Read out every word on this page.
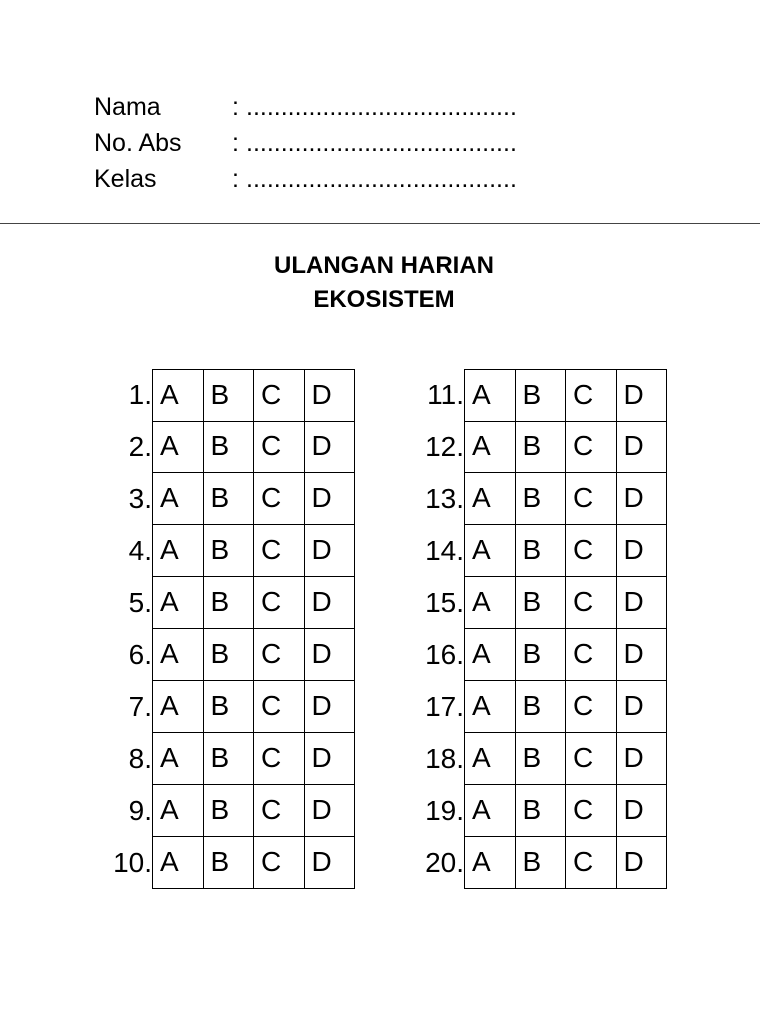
Nama	: .......................................
No. Abs	: .......................................
Kelas	: .......................................
ULANGAN HARIAN
EKOSISTEM
1. A	B	C	D
2. A	B	C	D
3. A	B	C	D
4. A	B	C	D
5. A	B	C	D
6. A	B	C	D
7. A	B	C	D
8. A	B	C	D
9. A	B	C	D
10. A	B	C	D
11. A	B	C	D
12. A	B	C	D
13. A	B	C	D
14. A	B	C	D
15. A	B	C	D
16. A	B	C	D
17. A	B	C	D
18. A	B	C	D
19. A	B	C	D
20. A	B	C	D
